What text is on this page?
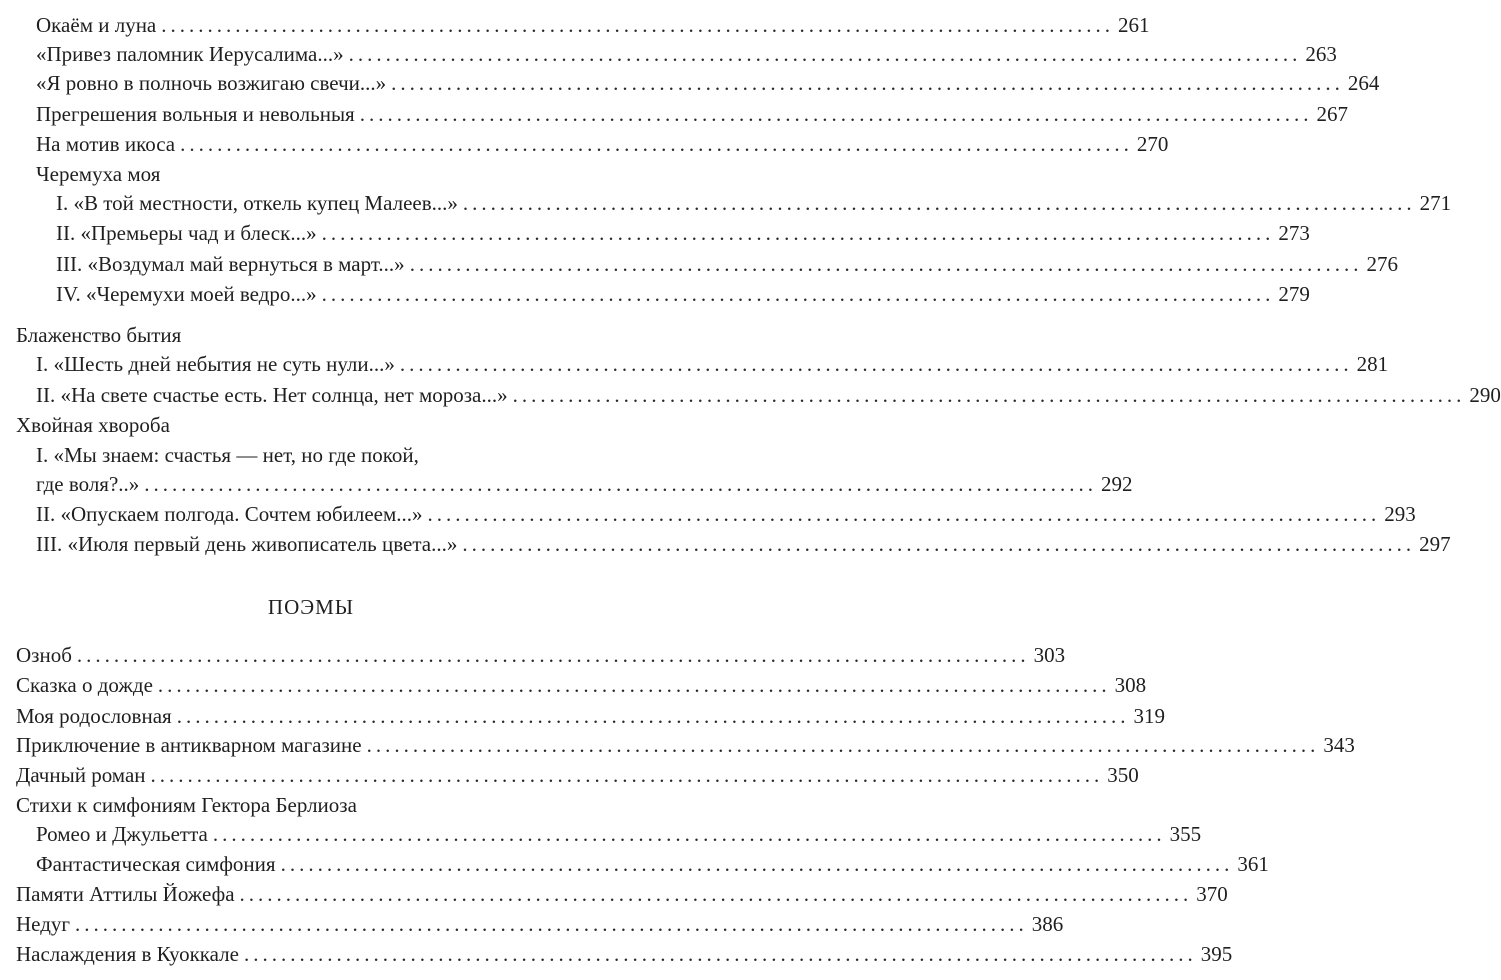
Окаём и луна ....................................................................................................... 261
«Привез паломник Иерусалима...» ....................................................................................................... 263
«Я ровно в полночь возжигаю свечи...» ....................................................................................................... 264
Прегрешения вольныя и невольныя ....................................................................................................... 267
На мотив икоса ....................................................................................................... 270
Черемуха моя
I. «В той местности, откель купец Малеев...» ....................................................................................................... 271
II. «Премьеры чад и блеск...» ....................................................................................................... 273
III. «Воздумал май вернуться в март...» ....................................................................................................... 276
IV. «Черемухи моей ведро...» ....................................................................................................... 279
Блаженство бытия
I. «Шесть дней небытия не суть нули...» ....................................................................................................... 281
II. «На свете счастье есть. Нет солнца, нет мороза...» ....................................................................................................... 290
Хвойная хвороба
I. «Мы знаем: счастья — нет, но где покой,
где воля?..» ....................................................................................................... 292
II. «Опускаем полгода. Сочтем юбилеем...» ....................................................................................................... 293
III. «Июля первый день живописатель цвета...» ....................................................................................................... 297
ПОЭМЫ
Озноб ....................................................................................................... 303
Сказка о дожде ....................................................................................................... 308
Моя родословная ....................................................................................................... 319
Приключение в антикварном магазине ....................................................................................................... 343
Дачный роман ....................................................................................................... 350
Стихи к симфониям Гектора Берлиоза
Ромео и Джульетта ....................................................................................................... 355
Фантастическая симфония ....................................................................................................... 361
Памяти Аттилы Йожефа ....................................................................................................... 370
Недуг ....................................................................................................... 386
Наслаждения в Куоккале ....................................................................................................... 395
